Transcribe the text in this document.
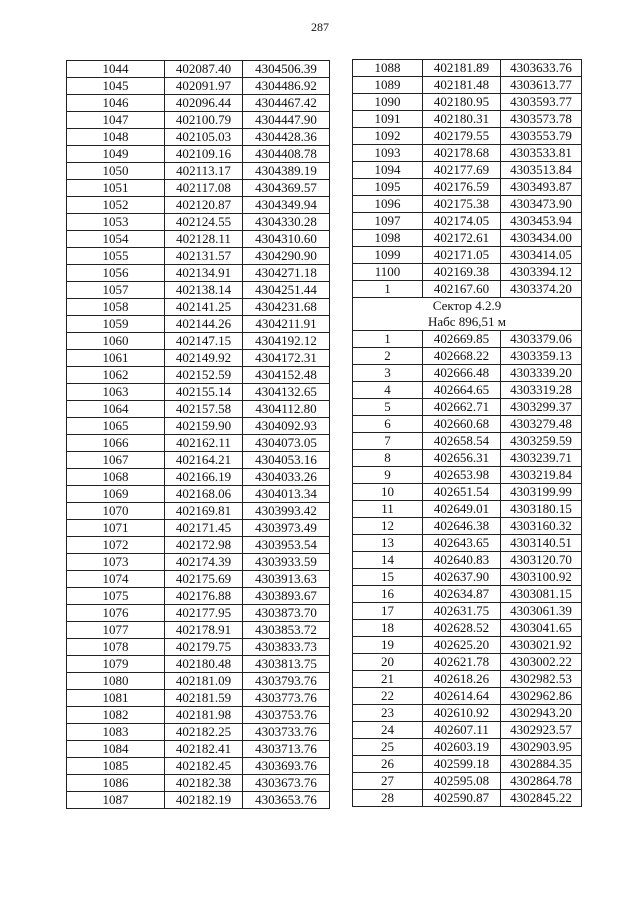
287
1044	402087.40	4304506.39
1045	402091.97	4304486.92
1046	402096.44	4304467.42
1047	402100.79	4304447.90
1048	402105.03	4304428.36
1049	402109.16	4304408.78
1050	402113.17	4304389.19
1051	402117.08	4304369.57
1052	402120.87	4304349.94
1053	402124.55	4304330.28
1054	402128.11	4304310.60
1055	402131.57	4304290.90
1056	402134.91	4304271.18
1057	402138.14	4304251.44
1058	402141.25	4304231.68
1059	402144.26	4304211.91
1060	402147.15	4304192.12
1061	402149.92	4304172.31
1062	402152.59	4304152.48
1063	402155.14	4304132.65
1064	402157.58	4304112.80
1065	402159.90	4304092.93
1066	402162.11	4304073.05
1067	402164.21	4304053.16
1068	402166.19	4304033.26
1069	402168.06	4304013.34
1070	402169.81	4303993.42
1071	402171.45	4303973.49
1072	402172.98	4303953.54
1073	402174.39	4303933.59
1074	402175.69	4303913.63
1075	402176.88	4303893.67
1076	402177.95	4303873.70
1077	402178.91	4303853.72
1078	402179.75	4303833.73
1079	402180.48	4303813.75
1080	402181.09	4303793.76
1081	402181.59	4303773.76
1082	402181.98	4303753.76
1083	402182.25	4303733.76
1084	402182.41	4303713.76
1085	402182.45	4303693.76
1086	402182.38	4303673.76
1087	402182.19	4303653.76
1088	402181.89	4303633.76
1089	402181.48	4303613.77
1090	402180.95	4303593.77
1091	402180.31	4303573.78
1092	402179.55	4303553.79
1093	402178.68	4303533.81
1094	402177.69	4303513.84
1095	402176.59	4303493.87
1096	402175.38	4303473.90
1097	402174.05	4303453.94
1098	402172.61	4303434.00
1099	402171.05	4303414.05
1100	402169.38	4303394.12
1	402167.60	4303374.20
Сектор 4.2.9		
Набс 896,51 м		
1	402669.85	4303379.06
2	402668.22	4303359.13
3	402666.48	4303339.20
4	402664.65	4303319.28
5	402662.71	4303299.37
6	402660.68	4303279.48
7	402658.54	4303259.59
8	402656.31	4303239.71
9	402653.98	4303219.84
10	402651.54	4303199.99
11	402649.01	4303180.15
12	402646.38	4303160.32
13	402643.65	4303140.51
14	402640.83	4303120.70
15	402637.90	4303100.92
16	402634.87	4303081.15
17	402631.75	4303061.39
18	402628.52	4303041.65
19	402625.20	4303021.92
20	402621.78	4303002.22
21	402618.26	4302982.53
22	402614.64	4302962.86
23	402610.92	4302943.20
24	402607.11	4302923.57
25	402603.19	4302903.95
26	402599.18	4302884.35
27	402595.08	4302864.78
28	402590.87	4302845.22
